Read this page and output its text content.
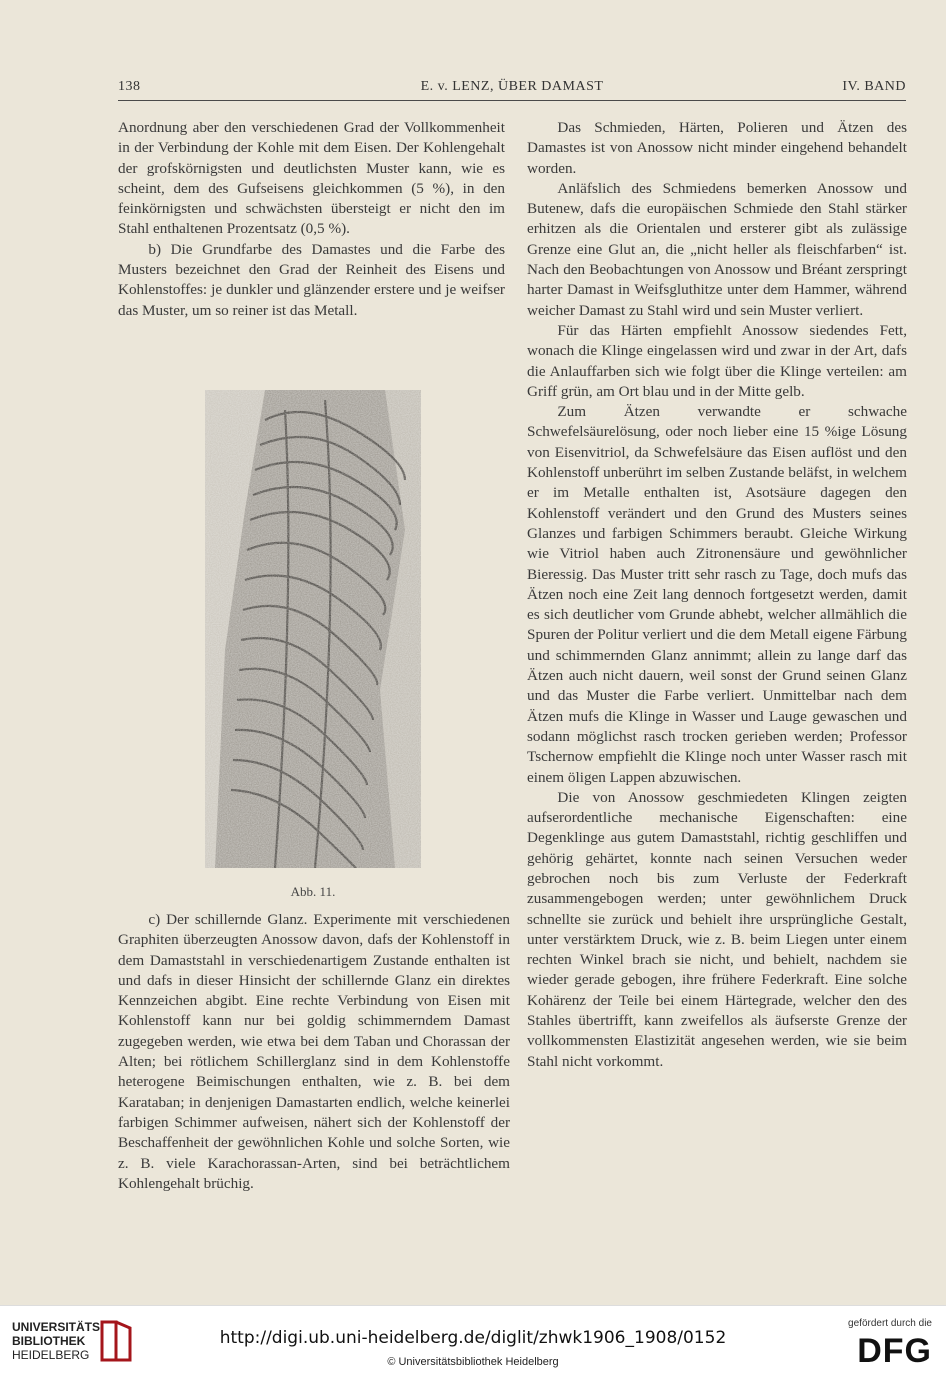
138	E. v. LENZ, ÜBER DAMAST	IV. BAND

Anordnung aber den verschiedenen Grad der Vollkommenheit in der Verbindung der Kohle mit dem Eisen. Der Kohlengehalt der grofskörnigsten und deutlichsten Muster kann, wie es scheint, dem des Gufseisens gleichkommen (5 %), in den feinkörnigsten und schwächsten übersteigt er nicht den im Stahl enthaltenen Prozentsatz (0,5 %).

b) Die Grundfarbe des Damastes und die Farbe des Musters bezeichnet den Grad der Reinheit des Eisens und Kohlenstoffes: je dunkler und glänzender erstere und je weifser das Muster, um so reiner ist das Metall.

Abb. 11.

c) Der schillernde Glanz. Experimente mit verschiedenen Graphiten überzeugten Anossow davon, dafs der Kohlenstoff in dem Damaststahl in verschiedenartigem Zustande enthalten ist und dafs in dieser Hinsicht der schillernde Glanz ein direktes Kennzeichen abgibt. Eine rechte Verbindung von Eisen mit Kohlenstoff kann nur bei goldig schimmerndem Damast zugegeben werden, wie etwa bei dem Taban und Chorassan der Alten; bei rötlichem Schillerglanz sind in dem Kohlenstoffe heterogene Beimischungen enthalten, wie z. B. bei dem Karataban; in denjenigen Damastarten endlich, welche keinerlei farbigen Schimmer aufweisen, nähert sich der Kohlenstoff der Beschaffenheit der gewöhnlichen Kohle und solche Sorten, wie z. B. viele Karachorassan-Arten, sind bei beträchtlichem Kohlengehalt brüchig.

Das Schmieden, Härten, Polieren und Ätzen des Damastes ist von Anossow nicht minder eingehend behandelt worden.

Anläfslich des Schmiedens bemerken Anossow und Butenew, dafs die europäischen Schmiede den Stahl stärker erhitzen als die Orientalen und ersterer gibt als zulässige Grenze eine Glut an, die „nicht heller als fleischfarben“ ist. Nach den Beobachtungen von Anossow und Bréant zerspringt harter Damast in Weifsgluthitze unter dem Hammer, während weicher Damast zu Stahl wird und sein Muster verliert.

Für das Härten empfiehlt Anossow siedendes Fett, wonach die Klinge eingelassen wird und zwar in der Art, dafs die Anlauffarben sich wie folgt über die Klinge verteilen: am Griff grün, am Ort blau und in der Mitte gelb.

Zum Ätzen verwandte er schwache Schwefelsäurelösung, oder noch lieber eine 15 %ige Lösung von Eisenvitriol, da Schwefelsäure das Eisen auflöst und den Kohlenstoff unberührt im selben Zustande beläfst, in welchem er im Metalle enthalten ist, Asotsäure dagegen den Kohlenstoff verändert und den Grund des Musters seines Glanzes und farbigen Schimmers beraubt. Gleiche Wirkung wie Vitriol haben auch Zitronensäure und gewöhnlicher Bieressig. Das Muster tritt sehr rasch zu Tage, doch mufs das Ätzen noch eine Zeit lang dennoch fortgesetzt werden, damit es sich deutlicher vom Grunde abhebt, welcher allmählich die Spuren der Politur verliert und die dem Metall eigene Färbung und schimmernden Glanz annimmt; allein zu lange darf das Ätzen auch nicht dauern, weil sonst der Grund seinen Glanz und das Muster die Farbe verliert. Unmittelbar nach dem Ätzen mufs die Klinge in Wasser und Lauge gewaschen und sodann möglichst rasch trocken gerieben werden; Professor Tschernow empfiehlt die Klinge noch unter Wasser rasch mit einem öligen Lappen abzuwischen.

Die von Anossow geschmiedeten Klingen zeigten aufserordentliche mechanische Eigenschaften: eine Degenklinge aus gutem Damaststahl, richtig geschliffen und gehörig gehärtet, konnte nach seinen Versuchen weder gebrochen noch bis zum Verluste der Federkraft zusammengebogen werden; unter gewöhnlichem Druck schnellte sie zurück und behielt ihre ursprüngliche Gestalt, unter verstärktem Druck, wie z. B. beim Liegen unter einem rechten Winkel brach sie nicht, und behielt, nachdem sie wieder gerade gebogen, ihre frühere Federkraft. Eine solche Kohärenz der Teile bei einem Härtegrade, welcher den des Stahles übertrifft, kann zweifellos als äufserste Grenze der vollkommensten Elastizität angesehen werden, wie sie beim Stahl nicht vorkommt.

UNIVERSITÄTS-
BIBLIOTHEK
HEIDELBERG
http://digi.ub.uni-heidelberg.de/diglit/zhwk1906_1908/0152
© Universitätsbibliothek Heidelberg
gefördert durch die
DFG
